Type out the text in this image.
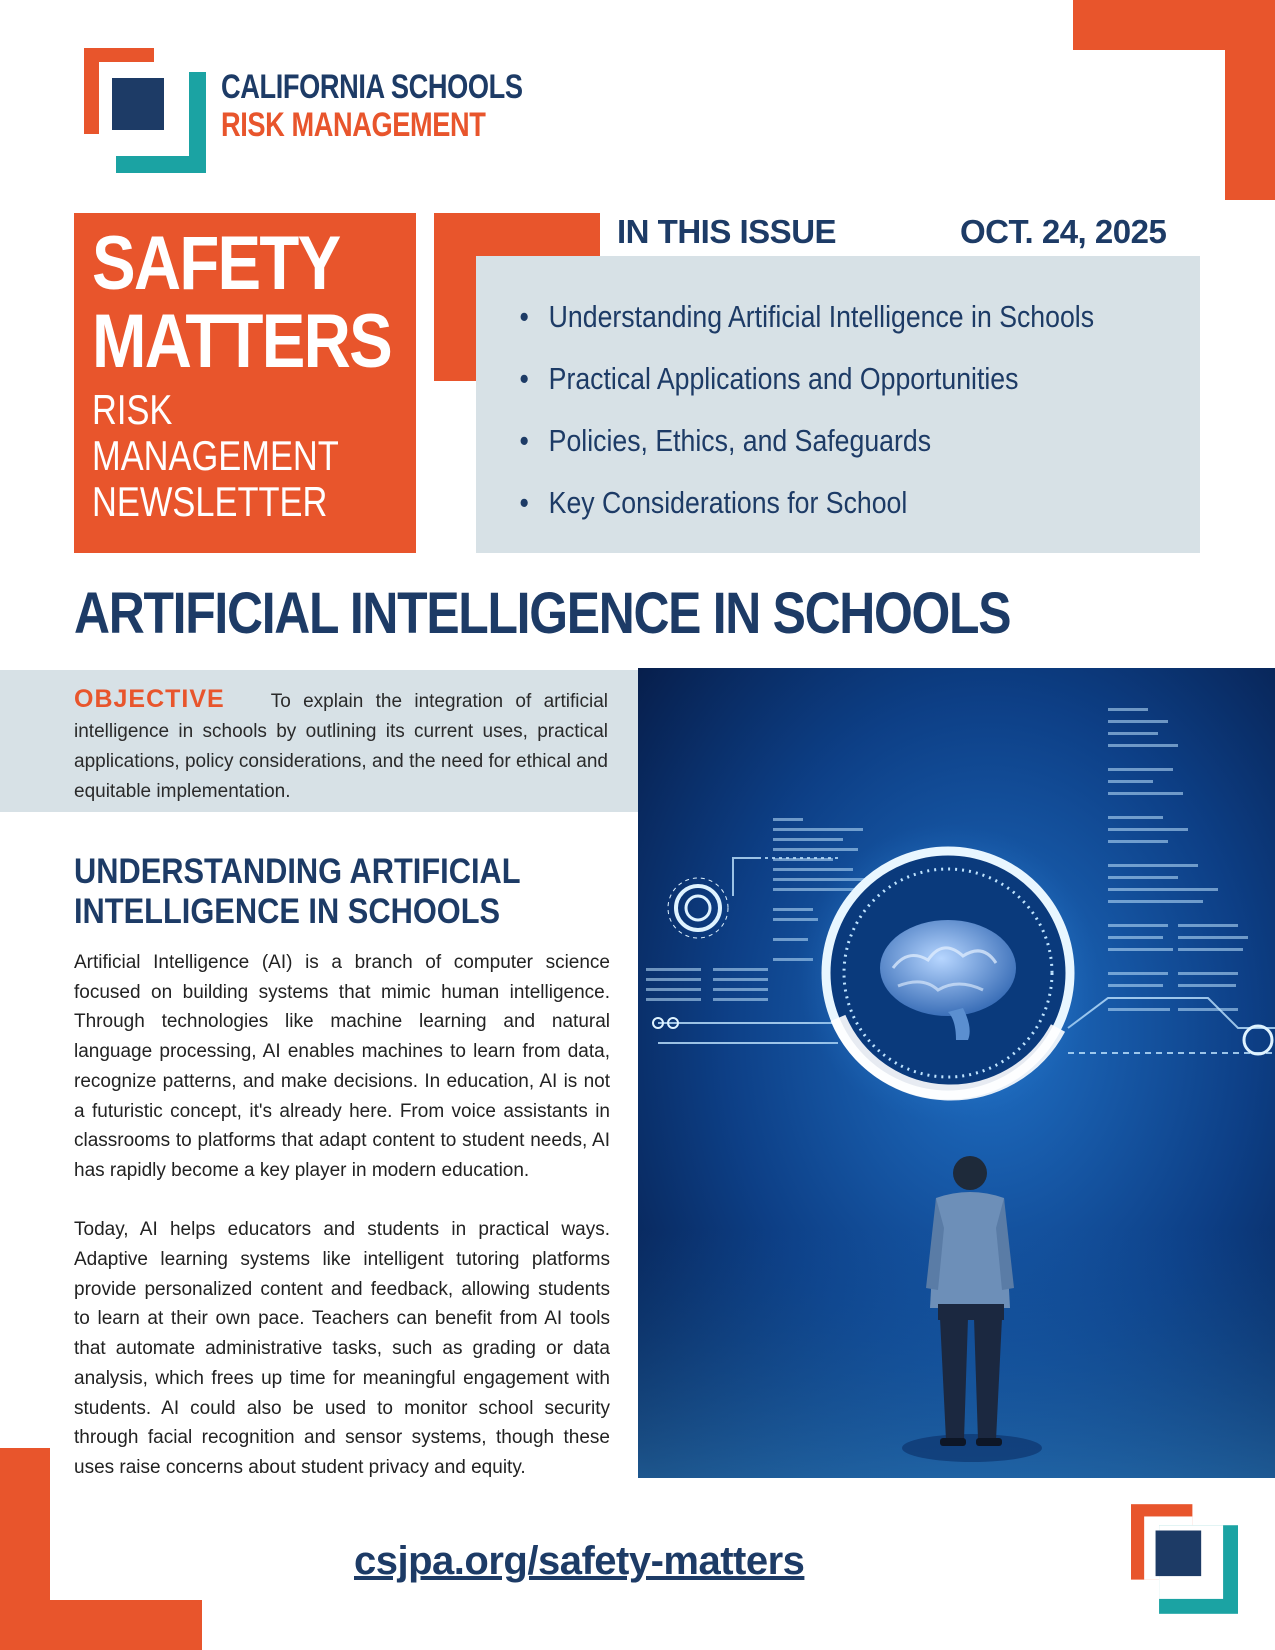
CALIFORNIA SCHOOLS
RISK MANAGEMENT
SAFETY
MATTERS
RISK
MANAGEMENT
NEWSLETTER
IN THIS ISSUE	OCT. 24, 2025
• Understanding Artificial Intelligence in Schools
• Practical Applications and Opportunities
• Policies, Ethics, and Safeguards
• Key Considerations for School
ARTIFICIAL INTELLIGENCE IN SCHOOLS

OBJECTIVE To explain the integration of artificial intelligence in schools by outlining its current uses, practical applications, policy considerations, and the need for ethical and equitable implementation.

UNDERSTANDING ARTIFICIAL
INTELLIGENCE IN SCHOOLS

Artificial Intelligence (AI) is a branch of computer science focused on building systems that mimic human intelligence. Through technologies like machine learning and natural language processing, AI enables machines to learn from data, recognize patterns, and make decisions. In education, AI is not a futuristic concept, it's already here. From voice assistants in classrooms to platforms that adapt content to student needs, AI has rapidly become a key player in modern education.

Today, AI helps educators and students in practical ways. Adaptive learning systems like intelligent tutoring platforms provide personalized content and feedback, allowing students to learn at their own pace. Teachers can benefit from AI tools that automate administrative tasks, such as grading or data analysis, which frees up time for meaningful engagement with students. AI could also be used to monitor school security through facial recognition and sensor systems, though these uses raise concerns about student privacy and equity.

csjpa.org/safety-matters
